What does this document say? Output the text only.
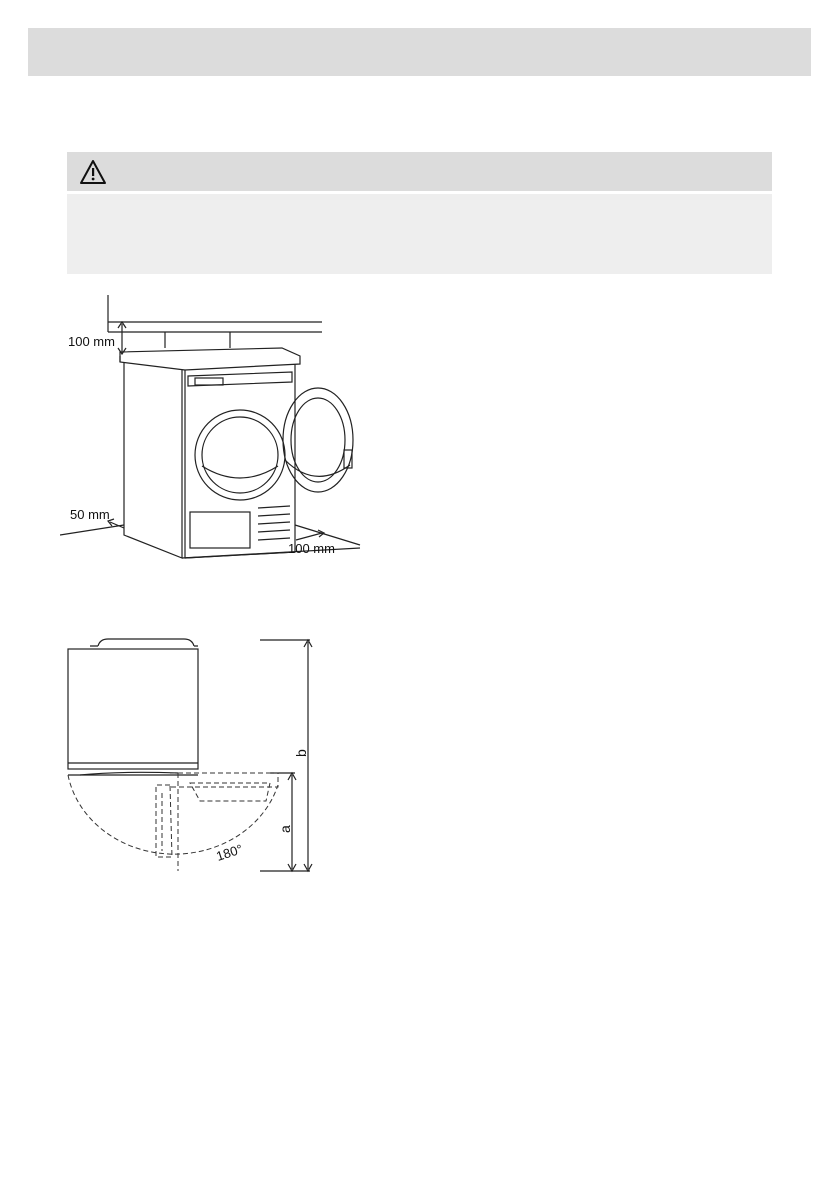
100 mm
50 mm
100 mm
180°
a
b
